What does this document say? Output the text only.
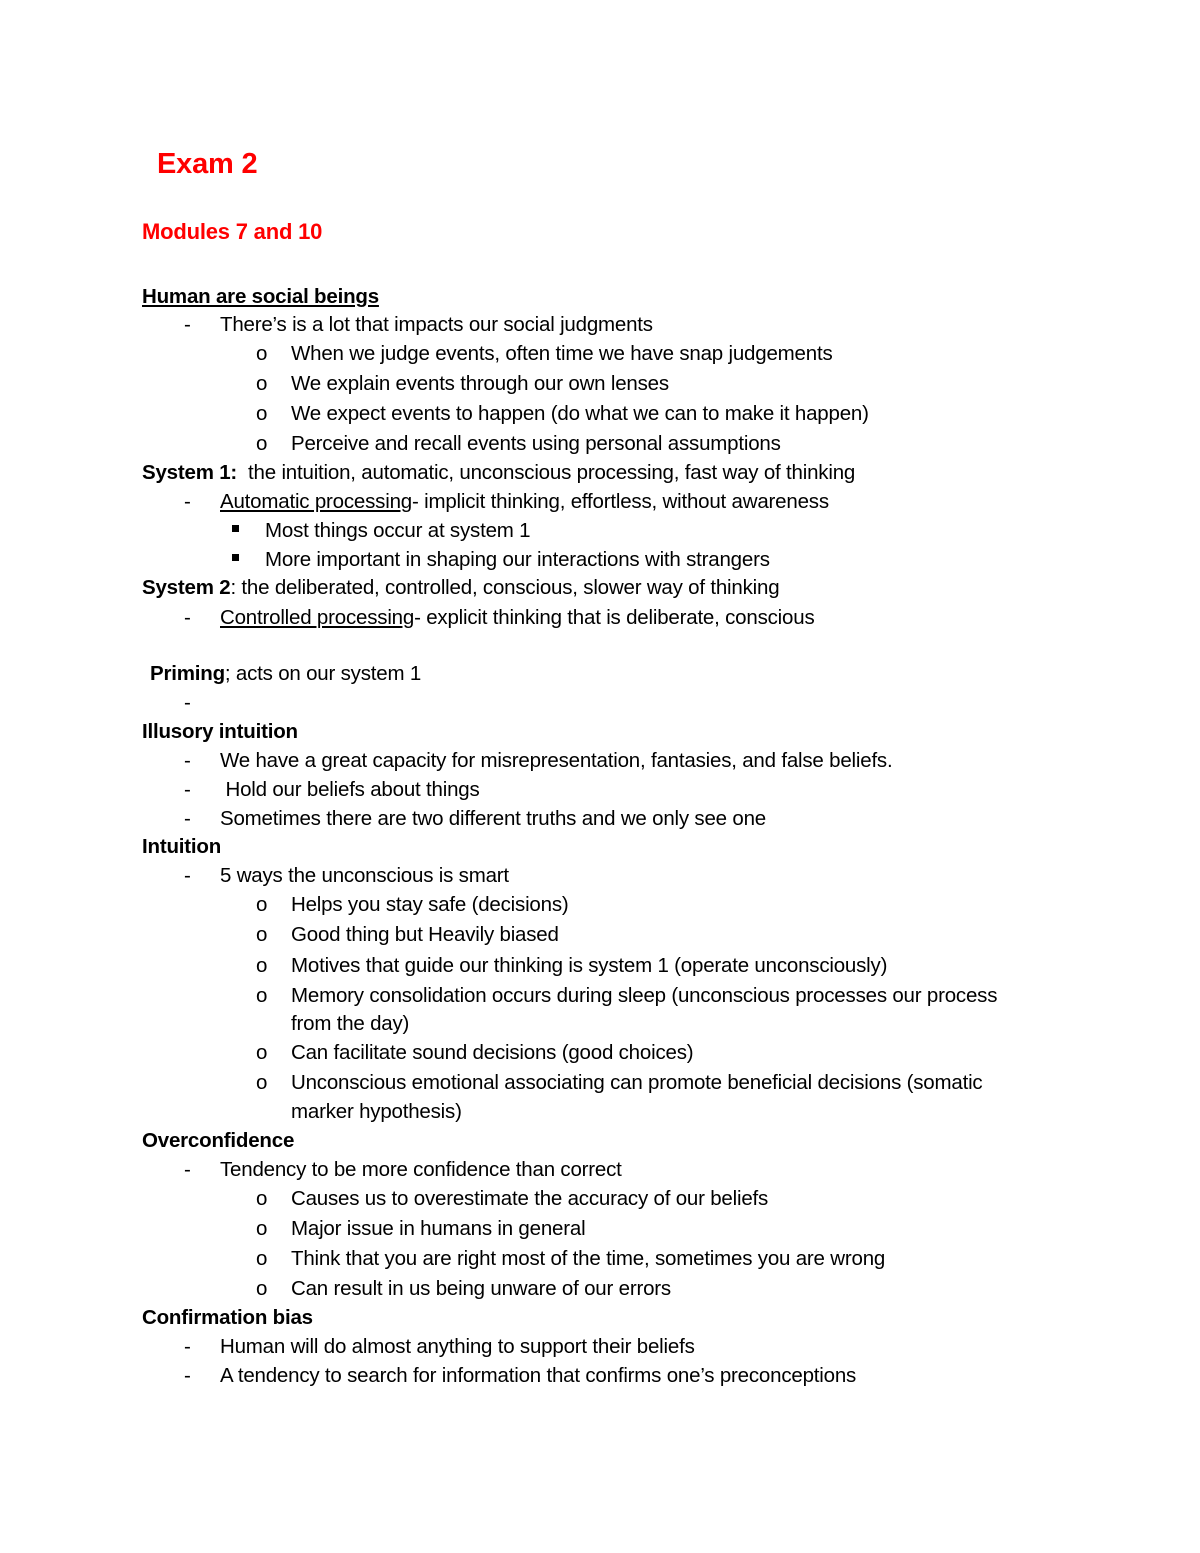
Exam 2
Modules 7 and 10
Human are social beings
- There’s is a lot that impacts our social judgments
o When we judge events, often time we have snap judgements
o We explain events through our own lenses
o We expect events to happen (do what we can to make it happen)
o Perceive and recall events using personal assumptions
System 1:  the intuition, automatic, unconscious processing, fast way of thinking
- Automatic processing- implicit thinking, effortless, without awareness
Most things occur at system 1
More important in shaping our interactions with strangers
System 2: the deliberated, controlled, conscious, slower way of thinking
- Controlled processing- explicit thinking that is deliberate, conscious
Priming; acts on our system 1
-
Illusory intuition
- We have a great capacity for misrepresentation, fantasies, and false beliefs.
- Hold our beliefs about things
- Sometimes there are two different truths and we only see one
Intuition
- 5 ways the unconscious is smart
o Helps you stay safe (decisions)
o Good thing but Heavily biased
o Motives that guide our thinking is system 1 (operate unconsciously)
o Memory consolidation occurs during sleep (unconscious processes our process
from the day)
o Can facilitate sound decisions (good choices)
o Unconscious emotional associating can promote beneficial decisions (somatic
marker hypothesis)
Overconfidence
- Tendency to be more confidence than correct
o Causes us to overestimate the accuracy of our beliefs
o Major issue in humans in general
o Think that you are right most of the time, sometimes you are wrong
o Can result in us being unware of our errors
Confirmation bias
- Human will do almost anything to support their beliefs
- A tendency to search for information that confirms one’s preconceptions
